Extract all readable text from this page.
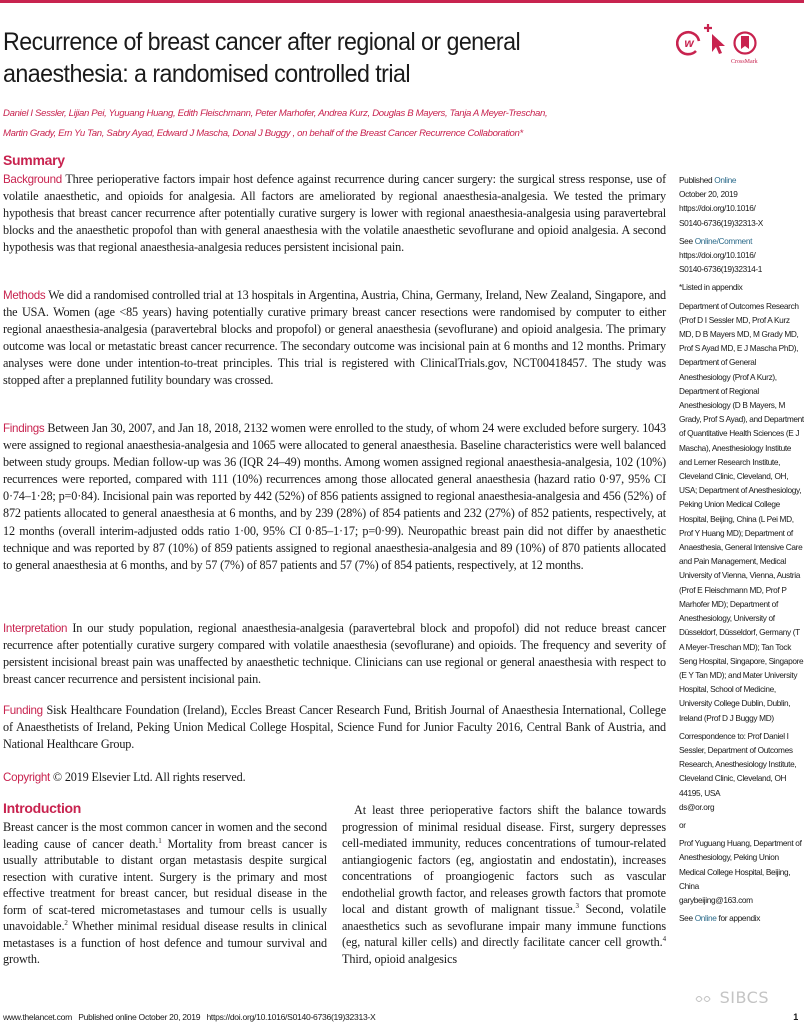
Recurrence of breast cancer after regional or general
anaesthesia: a randomised controlled trial
w
CrossMark
Daniel I Sessler, Lijian Pei, Yuguang Huang, Edith Fleischmann, Peter Marhofer, Andrea Kurz, Douglas B Mayers, Tanja A Meyer-Treschan,
Martin Grady, Ern Yu Tan, Sabry Ayad, Edward J Mascha, Donal J Buggy , on behalf of the Breast Cancer Recurrence Collaboration*
Summary

Background Three perioperative factors impair host defence against recurrence during cancer surgery: the surgical stress response, use of volatile anaesthetic, and opioids for analgesia. All factors are ameliorated by regional anaesthesia-analgesia. We tested the primary hypothesis that breast cancer recurrence after potentially curative surgery is lower with regional anaesthesia-analgesia using paravertebral blocks and the anaesthetic propofol than with general anaesthesia with the volatile anaesthetic sevoflurane and opioid analgesia. A second hypothesis was that regional anaesthesia-analgesia reduces persistent incisional pain.

Methods We did a randomised controlled trial at 13 hospitals in Argentina, Austria, China, Germany, Ireland, New Zealand, Singapore, and the USA. Women (age <85 years) having potentially curative primary breast cancer resections were randomised by computer to either regional anaesthesia-analgesia (paravertebral blocks and propofol) or general anaesthesia (sevoflurane) and opioid analgesia. The primary outcome was local or metastatic breast cancer recurrence. The secondary outcome was incisional pain at 6 months and 12 months. Primary analyses were done under intention-to-treat principles. This trial is registered with ClinicalTrials.gov, NCT00418457. The study was stopped after a preplanned futility boundary was crossed.

Findings Between Jan 30, 2007, and Jan 18, 2018, 2132 women were enrolled to the study, of whom 24 were excluded before surgery. 1043 were assigned to regional anaesthesia-analgesia and 1065 were allocated to general anaesthesia. Baseline characteristics were well balanced between study groups. Median follow-up was 36 (IQR 24–49) months. Among women assigned regional anaesthesia-analgesia, 102 (10%) recurrences were reported, compared with 111 (10%) recurrences among those allocated general anaesthesia (hazard ratio 0·97, 95% CI 0·74–1·28; p=0·84). Incisional pain was reported by 442 (52%) of 856 patients assigned to regional anaesthesia-analgesia and 456 (52%) of 872 patients allocated to general anaesthesia at 6 months, and by 239 (28%) of 854 patients and 232 (27%) of 852 patients, respectively, at 12 months (overall interim-adjusted odds ratio 1·00, 95% CI 0·85–1·17; p=0·99). Neuropathic breast pain did not differ by anaesthetic technique and was reported by 87 (10%) of 859 patients assigned to regional anaesthesia-analgesia and 89 (10%) of 870 patients allocated to general anaesthesia at 6 months, and by 57 (7%) of 857 patients and 57 (7%) of 854 patients, respectively, at 12 months.

Interpretation In our study population, regional anaesthesia-analgesia (paravertebral block and propofol) did not reduce breast cancer recurrence after potentially curative surgery compared with volatile anaesthesia (sevoflurane) and opioids. The frequency and severity of persistent incisional breast pain was unaffected by anaesthetic technique. Clinicians can use regional or general anaesthesia with respect to breast cancer recurrence and persistent incisional pain.

Funding Sisk Healthcare Foundation (Ireland), Eccles Breast Cancer Research Fund, British Journal of Anaesthesia International, College of Anaesthetists of Ireland, Peking Union Medical College Hospital, Science Fund for Junior Faculty 2016, Central Bank of Austria, and National Healthcare Group.

Copyright © 2019 Elsevier Ltd. All rights reserved.

Published Online
October 20, 2019
https://doi.org/10.1016/
S0140-6736(19)32313-X

See Online/Comment
https://doi.org/10.1016/
S0140-6736(19)32314-1

*Listed in appendix

Department of Outcomes Research (Prof D I Sessler MD, Prof A Kurz MD, D B Mayers MD, M Grady MD, Prof S Ayad MD, E J Mascha PhD), Department of General Anesthesiology (Prof A Kurz), Department of Regional Anesthesiology (D B Mayers, M Grady, Prof S Ayad), and Department of Quantitative Health Sciences (E J Mascha), Anesthesiology Institute and Lerner Research Institute, Cleveland Clinic, Cleveland, OH, USA; Department of Anesthesiology, Peking Union Medical College Hospital, Beijing, China (L Pei MD, Prof Y Huang MD); Department of Anaesthesia, General Intensive Care and Pain Management, Medical University of Vienna, Vienna, Austria (Prof E Fleischmann MD, Prof P Marhofer MD); Department of Anesthesiology, University of Düsseldorf, Düsseldorf, Germany (T A Meyer-Treschan MD); Tan Tock Seng Hospital, Singapore, Singapore (E Y Tan MD); and Mater University Hospital, School of Medicine, University College Dublin, Dublin, Ireland (Prof D J Buggy MD)

Correspondence to: Prof Daniel I Sessler, Department of Outcomes Research, Anesthesiology Institute, Cleveland Clinic, Cleveland, OH 44195, USA

ds@or.org

or

Prof Yuguang Huang, Department of Anesthesiology, Peking Union Medical College Hospital, Beijing, China

garybeijing@163.com

See Online for appendix

Introduction

Breast cancer is the most common cancer in women and the second leading cause of cancer death.$^1$ Mortality from breast cancer is usually attributable to distant organ metastasis despite surgical resection with curative intent. Surgery is the primary and most effective treatment for breast cancer, but residual disease in the form of scat-tered micrometastases and tumour cells is usually unavoidable.$^2$ Whether minimal residual disease results in clinical metastases is a function of host defence and tumour survival and growth.

At least three perioperative factors shift the balance towards progression of minimal residual disease. First, surgery depresses cell-mediated immunity, reduces concentrations of tumour-related antiangiogenic factors (eg, angiostatin and endostatin), increases concentrations of proangiogenic factors such as vascular endothelial growth factor, and releases growth factors that promote local and distant growth of malignant tissue.$^3$ Second, volatile anaesthetics such as sevoflurane impair many immune functions (eg, natural killer cells) and directly facilitate cancer cell growth.$^4$ Third, opioid analgesics

SIBCS
www.thelancet.com Published online October 20, 2019 https://doi.org/10.1016/S0140-6736(19)32313-X	1
